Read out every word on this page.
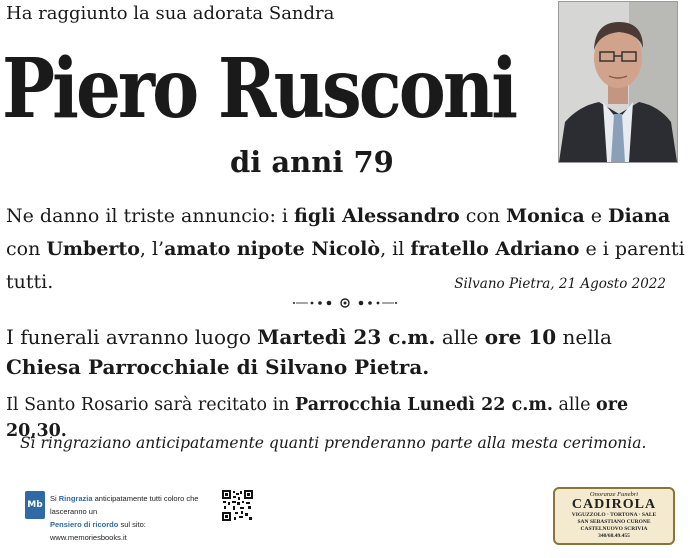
Ha raggiunto la sua adorata Sandra
Piero Rusconi
di anni 79
Ne danno il triste annuncio: i figli Alessandro con Monica e Diana con Umberto, l’amato nipote Nicolò, il fratello Adriano e i parenti tutti.	Silvano Pietra, 21 Agosto 2022
I funerali avranno luogo Martedì 23 c.m. alle ore 10 nella Chiesa Parrocchiale di Silvano Pietra.
Il Santo Rosario sarà recitato in Parrocchia Lunedì 22 c.m. alle ore 20,30.
Si ringraziano anticipatamente quanti prenderanno parte alla mesta cerimonia.
Mb
Si Ringrazia anticipatamente tutti coloro che lasceranno un
Pensiero di ricordo sul sito: www.memoriesbooks.it
Onoranze Funebri
CADIROLA
VIGUZZOLO · TORTONA · SALE
SAN SEBASTIANO CURONE
CASTELNUOVO SCRIVIA
340/68.49.455
